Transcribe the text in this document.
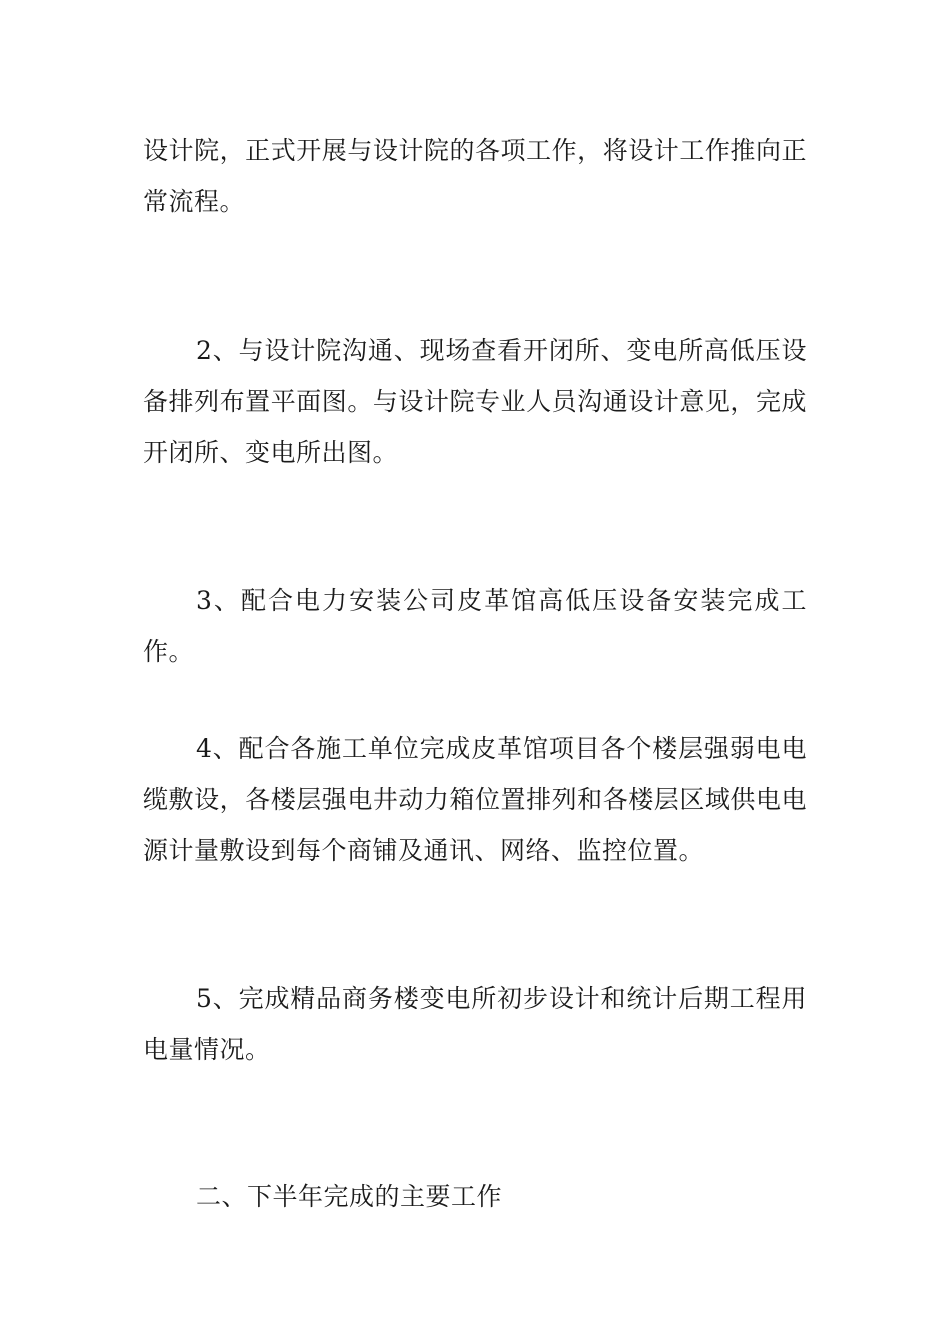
设计院，正式开展与设计院的各项工作，将设计工作推向正常流程。

2、与设计院沟通、现场查看开闭所、变电所高低压设备排列布置平面图。与设计院专业人员沟通设计意见，完成开闭所、变电所出图。

3、配合电力安装公司皮革馆高低压设备安装完成工作。

4、配合各施工单位完成皮革馆项目各个楼层强弱电电缆敷设，各楼层强电井动力箱位置排列和各楼层区域供电电源计量敷设到每个商铺及通讯、网络、监控位置。

5、完成精品商务楼变电所初步设计和统计后期工程用电量情况。

二、下半年完成的主要工作
